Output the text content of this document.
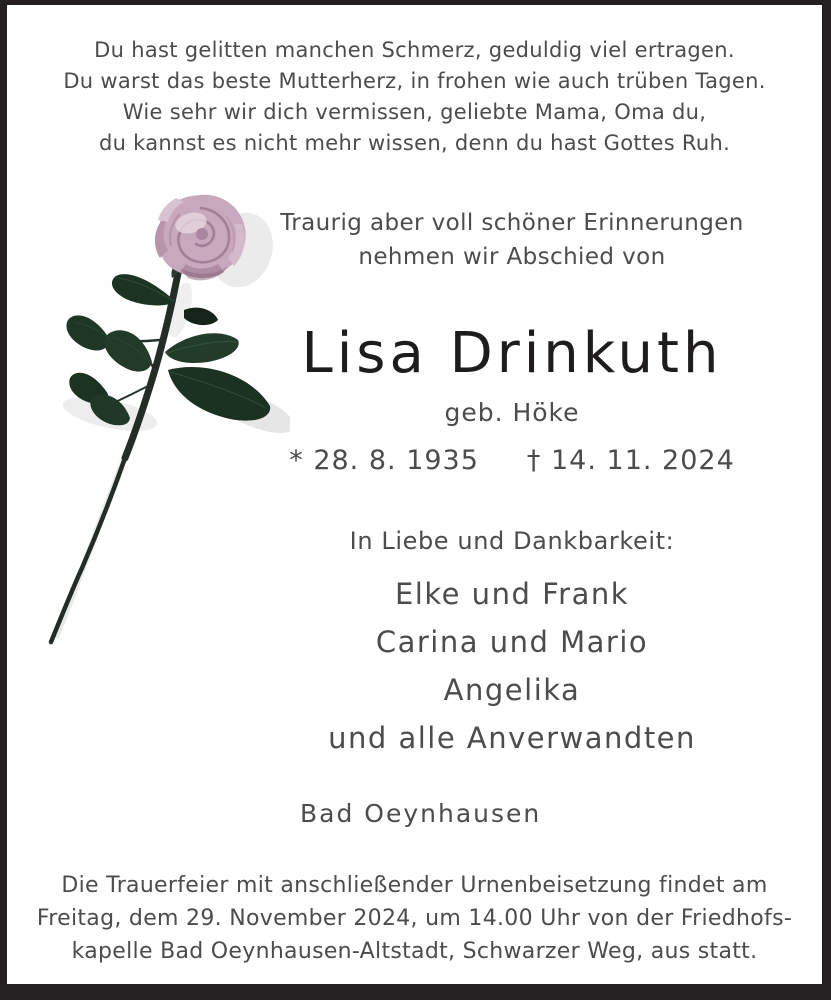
Du hast gelitten manchen Schmerz, geduldig viel ertragen.
Du warst das beste Mutterherz, in frohen wie auch trüben Tagen.
Wie sehr wir dich vermissen, geliebte Mama, Oma du,
du kannst es nicht mehr wissen, denn du hast Gottes Ruh.
Traurig aber voll schöner Erinnerungen
nehmen wir Abschied von
Lisa Drinkuth
geb. Höke
* 28. 8. 1935 † 14. 11. 2024
In Liebe und Dankbarkeit:
Elke und Frank
Carina und Mario
Angelika
und alle Anverwandten
Bad Oeynhausen
Die Trauerfeier mit anschließender Urnenbeisetzung findet am
Freitag, dem 29. November 2024, um 14.00 Uhr von der Friedhofs-
kapelle Bad Oeynhausen-Altstadt, Schwarzer Weg, aus statt.
